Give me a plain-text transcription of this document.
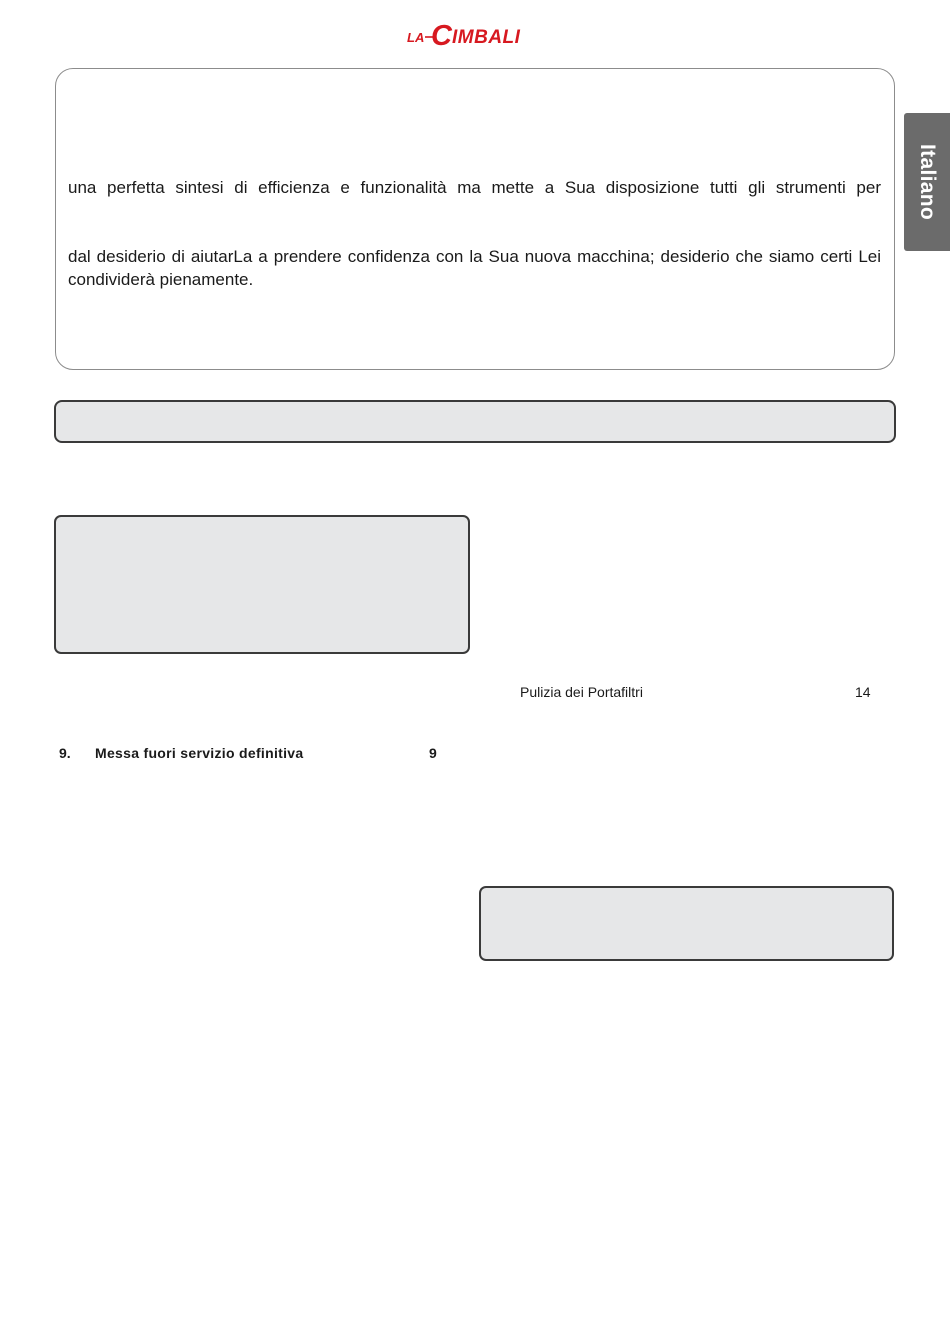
LA C IMBALI
Italiano

una perfetta sintesi di efficienza e funzionalità ma mette a Sua disposizione tutti gli strumenti per

dal desiderio di aiutarLa a prendere confidenza con la Sua nuova macchina; desiderio che siamo certi Lei condividerà pienamente.

Pulizia dei Portafiltri	14
9. Messa fuori servizio definitiva	9
